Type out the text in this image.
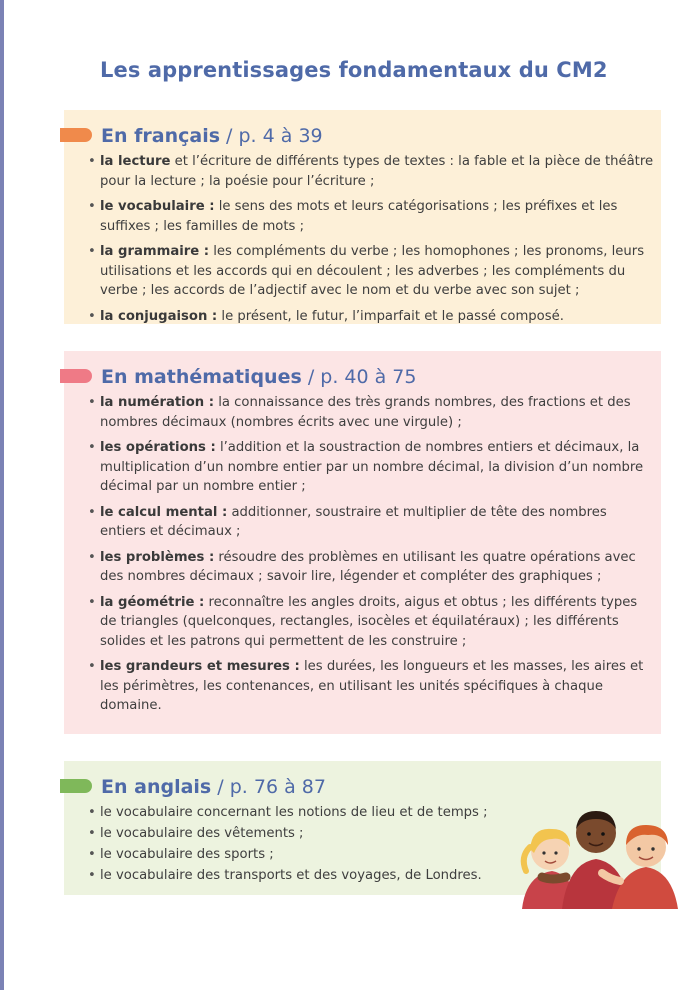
Les apprentissages fondamentaux du CM2
En français / p. 4 à 39
• la lecture et l’écriture de différents types de textes : la fable et la pièce de théâtre pour la lecture ; la poésie pour l’écriture ;
• le vocabulaire : le sens des mots et leurs catégorisations ; les préfixes et les suffixes ; les familles de mots ;
• la grammaire : les compléments du verbe ; les homophones ; les pronoms, leurs utilisations et les accords qui en découlent ; les adverbes ; les compléments du verbe ; les accords de l’adjectif avec le nom et du verbe avec son sujet ;
• la conjugaison : le présent, le futur, l’imparfait et le passé composé.
En mathématiques / p. 40 à 75
• la numération : la connaissance des très grands nombres, des fractions et des nombres décimaux (nombres écrits avec une virgule) ;
• les opérations : l’addition et la soustraction de nombres entiers et décimaux, la multiplication d’un nombre entier par un nombre décimal, la division d’un nombre décimal par un nombre entier ;
• le calcul mental : additionner, soustraire et multiplier de tête des nombres entiers et décimaux ;
• les problèmes : résoudre des problèmes en utilisant les quatre opérations avec des nombres décimaux ; savoir lire, légender et compléter des graphiques ;
• la géométrie : reconnaître les angles droits, aigus et obtus ; les différents types de triangles (quelconques, rectangles, isocèles et équilatéraux) ; les différents solides et les patrons qui permettent de les construire ;
• les grandeurs et mesures : les durées, les longueurs et les masses, les aires et les périmètres, les contenances, en utilisant les unités spécifiques à chaque domaine.
En anglais / p. 76 à 87
• le vocabulaire concernant les notions de lieu et de temps ;
• le vocabulaire des vêtements ;
• le vocabulaire des sports ;
• le vocabulaire des transports et des voyages, de Londres.
